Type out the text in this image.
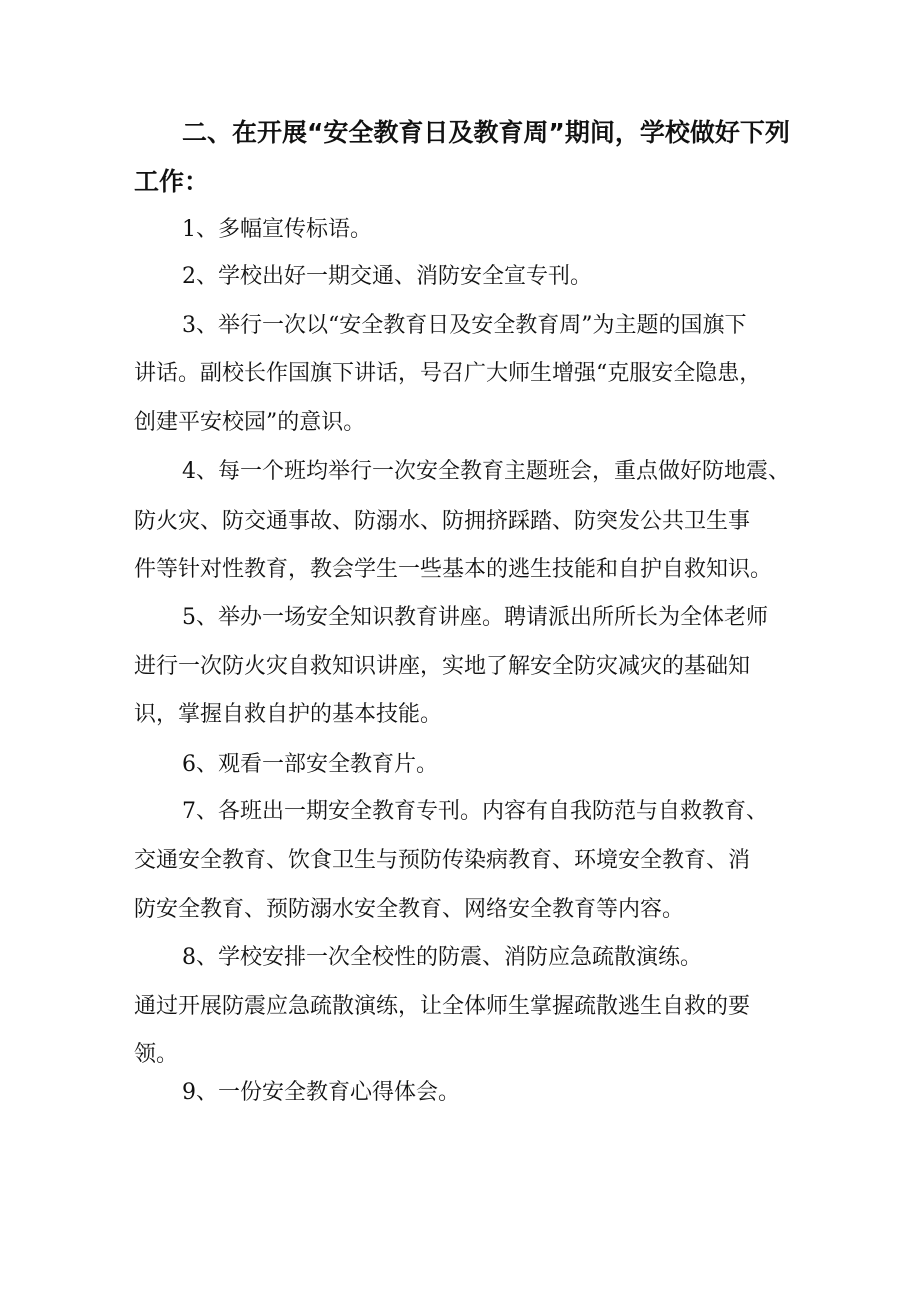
二、在开展“安全教育日及教育周”期间，学校做好下列

工作：

1、多幅宣传标语。

2、学校出好一期交通、消防安全宣专刊。

3、举行一次以“安全教育日及安全教育周”为主题的国旗下

讲话。副校长作国旗下讲话，号召广大师生增强“克服安全隐患，

创建平安校园”的意识。

4、每一个班均举行一次安全教育主题班会，重点做好防地震、

防火灾、防交通事故、防溺水、防拥挤踩踏、防突发公共卫生事

件等针对性教育，教会学生一些基本的逃生技能和自护自救知识。

5、举办一场安全知识教育讲座。聘请派出所所长为全体老师

进行一次防火灾自救知识讲座，实地了解安全防灾减灾的基础知

识，掌握自救自护的基本技能。

6、观看一部安全教育片。

7、各班出一期安全教育专刊。内容有自我防范与自救教育、

交通安全教育、饮食卫生与预防传染病教育、环境安全教育、消

防安全教育、预防溺水安全教育、网络安全教育等内容。

8、学校安排一次全校性的防震、消防应急疏散演练。

通过开展防震应急疏散演练，让全体师生掌握疏散逃生自救的要

领。

9、一份安全教育心得体会。
